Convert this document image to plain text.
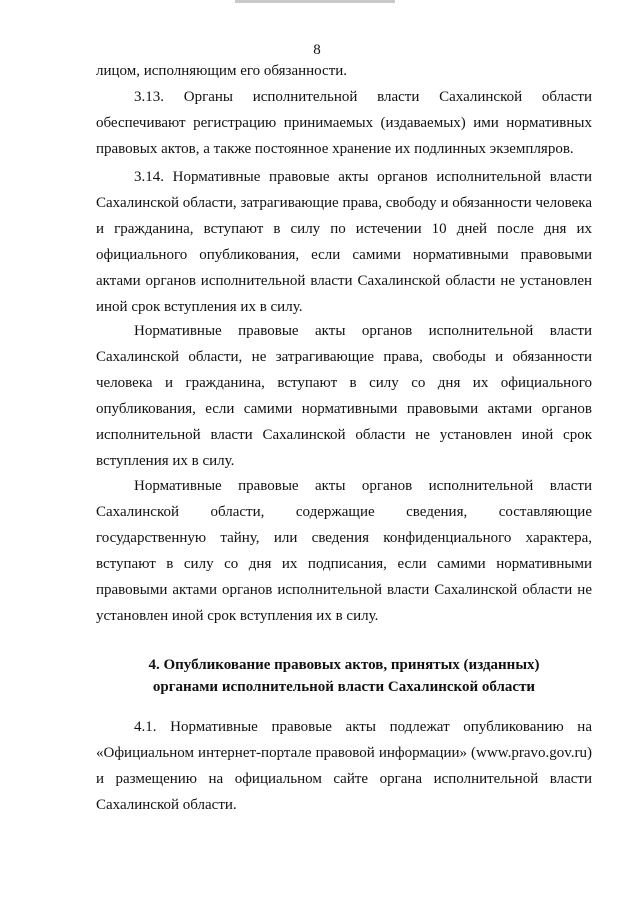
8

лицом, исполняющим его обязанности.

3.13. Органы исполнительной власти Сахалинской области обеспечивают регистрацию принимаемых (издаваемых) ими нормативных правовых актов, а также постоянное хранение их подлинных экземпляров.

3.14. Нормативные правовые акты органов исполнительной власти Сахалинской области, затрагивающие права, свободу и обязанности человека и гражданина, вступают в силу по истечении 10 дней после дня их официального опубликования, если самими нормативными правовыми актами органов исполнительной власти Сахалинской области не установлен иной срок вступления их в силу.

Нормативные правовые акты органов исполнительной власти Сахалинской области, не затрагивающие права, свободы и обязанности человека и гражданина, вступают в силу со дня их официального опубликования, если самими нормативными правовыми актами органов исполнительной власти Сахалинской области не установлен иной срок вступления их в силу.

Нормативные правовые акты органов исполнительной власти Сахалинской области, содержащие сведения, составляющие государственную тайну, или сведения конфиденциального характера, вступают в силу со дня их подписания, если самими нормативными правовыми актами органов исполнительной власти Сахалинской области не установлен иной срок вступления их в силу.

4. Опубликование правовых актов, принятых (изданных)
органами исполнительной власти Сахалинской области

4.1. Нормативные правовые акты подлежат опубликованию на «Официальном интернет-портале правовой информации» (www.pravo.gov.ru) и размещению на официальном сайте органа исполнительной власти Сахалинской области.
